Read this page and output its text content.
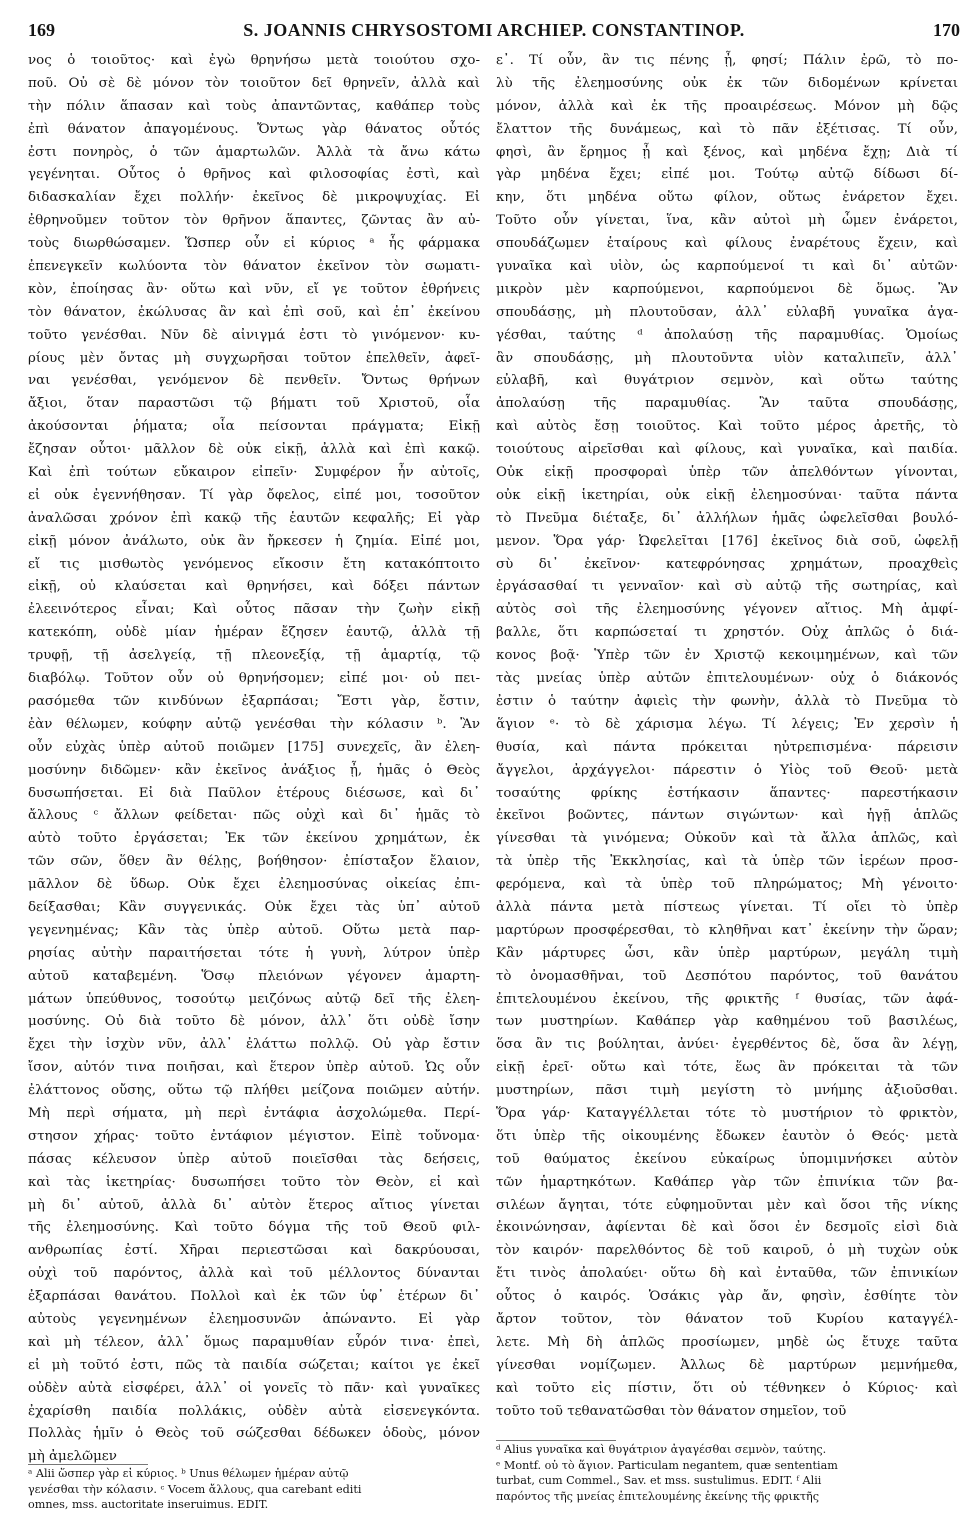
169	S. JOANNIS CHRYSOSTOMI ARCHIEP. CONSTANTINOP.	170
νος ὁ τοιοῦτος· καὶ ἐγὼ θρηνήσω μετὰ τοιούτου σχο-
ποῦ. Οὐ σὲ δὲ μόνον τὸν τοιοῦτον δεῖ θρηνεῖν, ἀλλὰ καὶ
τὴν πόλιν ἅπασαν καὶ τοὺς ἀπαντῶντας, καθάπερ τοὺς
ἐπὶ θάνατον ἀπαγομένους. Ὄντως γὰρ θάνατος οὗτός
ἐστι πονηρὸς, ὁ τῶν ἁμαρτωλῶν. Ἀλλὰ τὰ ἄνω κάτω
γεγένηται. Οὗτος ὁ θρῆνος καὶ φιλοσοφίας ἐστὶ, καὶ
διδασκαλίαν ἔχει πολλήν· ἐκεῖνος δὲ μικροψυχίας. Εἰ
ἐθρηνοῦμεν τοῦτον τὸν θρῆνον ἅπαντες, ζῶντας ἂν αὐ-
τοὺς διωρθώσαμεν. Ὥσπερ οὖν εἰ κύριος ᵃ ἧς φάρμακα
ἐπενεγκεῖν κωλύοντα τὸν θάνατον ἐκεῖνον τὸν σωματι-
κὸν, ἐποίησας ἂν· οὕτω καὶ νῦν, εἴ γε τοῦτον ἐθρήνεις
τὸν θάνατον, ἐκώλυσας ἂν καὶ ἐπὶ σοῦ, καὶ ἐπ᾽ ἐκείνου
τοῦτο γενέσθαι. Νῦν δὲ αἰνιγμά ἐστι τὸ γινόμενον· κυ-
ρίους μὲν ὄντας μὴ συγχωρῆσαι τοῦτον ἐπελθεῖν, ἀφεῖ-
ναι γενέσθαι, γενόμενον δὲ πενθεῖν. Ὄντως θρήνων
ἄξιοι, ὅταν παραστῶσι τῷ βήματι τοῦ Χριστοῦ, οἷα
ἀκούσονται ῥήματα; οἷα πείσονται πράγματα; Εἰκῇ
ἔζησαν οὗτοι· μᾶλλον δὲ οὐκ εἰκῇ, ἀλλὰ καὶ ἐπὶ κακῷ.
Καὶ ἐπὶ τούτων εὔκαιρον εἰπεῖν· Συμφέρον ἦν αὐτοῖς,
εἰ οὐκ ἐγεννήθησαν. Τί γὰρ ὄφελος, εἰπέ μοι, τοσοῦτον
ἀναλῶσαι χρόνον ἐπὶ κακῷ τῆς ἑαυτῶν κεφαλῆς; Εἰ γὰρ
εἰκῇ μόνον ἀνάλωτο, οὐκ ἂν ἤρκεσεν ἡ ζημία. Εἰπέ μοι,
εἴ τις μισθωτὸς γενόμενος εἴκοσιν ἔτη κατακόπτοιτο
εἰκῇ, οὐ κλαύσεται καὶ θρηνήσει, καὶ δόξει πάντων
ἐλεεινότερος εἶναι; Καὶ οὗτος πᾶσαν τὴν ζωὴν εἰκῇ
κατεκόπη, οὐδὲ μίαν ἡμέραν ἔζησεν ἑαυτῷ, ἀλλὰ τῇ
τρυφῇ, τῇ ἀσελγείᾳ, τῇ πλεονεξίᾳ, τῇ ἁμαρτίᾳ, τῷ
διαβόλῳ. Τοῦτον οὖν οὐ θρηνήσομεν; εἰπέ μοι· οὐ πει-
ρασόμεθα τῶν κινδύνων ἐξαρπάσαι; Ἔστι γὰρ, ἔστιν,
ἐὰν θέλωμεν, κούφην αὐτῷ γενέσθαι τὴν κόλασιν ᵇ. Ἂν
οὖν εὐχὰς ὑπὲρ αὐτοῦ ποιῶμεν [175] συνεχεῖς, ἂν ἐλεη-
μοσύνην διδῶμεν· κἂν ἐκεῖνος ἀνάξιος ᾖ, ἡμᾶς ὁ Θεὸς
δυσωπήσεται. Εἰ διὰ Παῦλον ἑτέρους διέσωσε, καὶ δι᾽
ἄλλους ᶜ ἄλλων φείδεται· πῶς οὐχὶ καὶ δι᾽ ἡμᾶς τὸ
αὐτὸ τοῦτο ἐργάσεται; Ἐκ τῶν ἐκείνου χρημάτων, ἐκ
τῶν σῶν, ὅθεν ἂν θέλῃς, βοήθησον· ἐπίσταξον ἔλαιον,
μᾶλλον δὲ ὕδωρ. Οὐκ ἔχει ἐλεημοσύνας οἰκείας ἐπι-
δείξασθαι; Κἂν συγγενικάς. Οὐκ ἔχει τὰς ὑπ᾽ αὐτοῦ
γεγενημένας; Κἂν τὰς ὑπὲρ αὐτοῦ. Οὕτω μετὰ παρ-
ρησίας αὐτὴν παραιτήσεται τότε ἡ γυνὴ, λύτρον ὑπὲρ
αὐτοῦ καταβεμένη. Ὅσῳ πλειόνων γέγονεν ἁμαρτη-
μάτων ὑπεύθυνος, τοσούτῳ μειζόνως αὐτῷ δεῖ τῆς ἐλεη-
μοσύνης. Οὐ διὰ τοῦτο δὲ μόνον, ἀλλ᾽ ὅτι οὐδὲ ἴσην
ἔχει τὴν ἰσχὺν νῦν, ἀλλ᾽ ἐλάττω πολλῷ. Οὐ γὰρ ἔστιν
ἴσον, αὐτόν τινα ποιῆσαι, καὶ ἕτερον ὑπὲρ αὐτοῦ. Ὡς οὖν
ἐλάττονος οὔσης, οὕτω τῷ πλήθει μείζονα ποιῶμεν αὐτήν.
Μὴ περὶ σήματα, μὴ περὶ ἐντάφια ἀσχολώμεθα. Περί-
στησον χήρας· τοῦτο ἐντάφιον μέγιστον. Εἰπὲ τοὔνομα·
πάσας κέλευσον ὑπὲρ αὐτοῦ ποιεῖσθαι τὰς δεήσεις,
καὶ τὰς ἱκετηρίας· δυσωπήσει τοῦτο τὸν Θεὸν, εἰ καὶ
μὴ δι᾽ αὐτοῦ, ἀλλὰ δι᾽ αὐτὸν ἕτερος αἴτιος γίνεται
τῆς ἐλεημοσύνης. Καὶ τοῦτο δόγμα τῆς τοῦ Θεοῦ φιλ-
ανθρωπίας ἐστί. Χῆραι περιεστῶσαι καὶ δακρύουσαι,
οὐχὶ τοῦ παρόντος, ἀλλὰ καὶ τοῦ μέλλοντος δύνανται
ἐξαρπάσαι θανάτου. Πολλοὶ καὶ ἐκ τῶν ὑφ᾽ ἑτέρων δι᾽
αὐτοὺς γεγενημένων ἐλεημοσυνῶν ἀπώναντο. Εἰ γὰρ
καὶ μὴ τέλεον, ἀλλ᾽ ὅμως παραμυθίαν εὗρόν τινα· ἐπεὶ,
εἰ μὴ τοῦτό ἐστι, πῶς τὰ παιδία σώζεται; καίτοι γε ἐκεῖ
οὐδὲν αὐτὰ εἰσφέρει, ἀλλ᾽ οἱ γονεῖς τὸ πᾶν· καὶ γυναῖκες
ἐχαρίσθη παιδία πολλάκις, οὐδὲν αὐτὰ εἰσενεγκόντα.
Πολλὰς ἡμῖν ὁ Θεὸς τοῦ σώζεσθαι δέδωκεν ὁδοὺς, μόνον
μὴ ἀμελῶμεν
ε᾽. Τί οὖν, ἂν τις πένης ᾖ, φησί; Πάλιν ἐρῶ, τὸ πο-
λὺ τῆς ἐλεημοσύνης οὐκ ἐκ τῶν διδομένων κρίνεται
μόνον, ἀλλὰ καὶ ἐκ τῆς προαιρέσεως. Μόνον μὴ δῷς
ἔλαττον τῆς δυνάμεως, καὶ τὸ πᾶν ἐξέτισας. Τί οὖν,
φησὶ, ἂν ἔρημος ᾖ καὶ ξένος, καὶ μηδένα ἔχῃ; Διὰ τί
γὰρ μηδένα ἔχει; εἰπέ μοι. Τούτῳ αὐτῷ δίδωσι δί-
κην, ὅτι μηδένα οὕτω φίλον, οὕτως ἐνάρετον ἔχει.
Τοῦτο οὖν γίνεται, ἵνα, κἂν αὐτοὶ μὴ ὦμεν ἐνάρετοι,
σπουδάζωμεν ἑταίρους καὶ φίλους ἐναρέτους ἔχειν, καὶ
γυναῖκα καὶ υἱὸν, ὡς καρπούμενοί τι καὶ δι᾽ αὐτῶν·
μικρὸν μὲν καρπούμενοι, καρπούμενοι δὲ ὅμως. Ἂν
σπουδάσῃς, μὴ πλουτοῦσαν, ἀλλ᾽ εὐλαβῆ γυναῖκα ἀγα-
γέσθαι, ταύτης ᵈ ἀπολαύσῃ τῆς παραμυθίας. Ὁμοίως
ἂν σπουδάσῃς, μὴ πλουτοῦντα υἱὸν καταλιπεῖν, ἀλλ᾽
εὐλαβῆ, καὶ θυγάτριον σεμνὸν, καὶ οὕτω ταύτης
ἀπολαύσῃ τῆς παραμυθίας. Ἂν ταῦτα σπουδάσῃς,
καὶ αὐτὸς ἔσῃ τοιοῦτος. Καὶ τοῦτο μέρος ἀρετῆς, τὸ
τοιούτους αἱρεῖσθαι καὶ φίλους, καὶ γυναῖκα, καὶ παιδία.
Οὐκ εἰκῇ προσφοραὶ ὑπὲρ τῶν ἀπελθόντων γίνονται,
οὐκ εἰκῇ ἱκετηρίαι, οὐκ εἰκῇ ἐλεημοσύναι· ταῦτα πάντα
τὸ Πνεῦμα διέταξε, δι᾽ ἀλλήλων ἡμᾶς ὠφελεῖσθαι βουλό-
μενον. Ὅρα γάρ· Ὠφελεῖται [176] ἐκεῖνος διὰ σοῦ, ὠφελῇ
σὺ δι᾽ ἐκεῖνον· κατεφρόνησας χρημάτων, προαχθεὶς
ἐργάσασθαί τι γενναῖον· καὶ σὺ αὐτῷ τῆς σωτηρίας, καὶ
αὐτὸς σοὶ τῆς ἐλεημοσύνης γέγονεν αἴτιος. Μὴ ἀμφί-
βαλλε, ὅτι καρπώσεταί τι χρηστόν. Οὐχ ἁπλῶς ὁ διά-
κονος βοᾷ· Ὑπὲρ τῶν ἐν Χριστῷ κεκοιμημένων, καὶ τῶν
τὰς μνείας ὑπὲρ αὐτῶν ἐπιτελουμένων· οὐχ ὁ διάκονός
ἐστιν ὁ ταύτην ἀφιεὶς τὴν φωνὴν, ἀλλὰ τὸ Πνεῦμα τὸ
ἅγιον ᵉ· τὸ δὲ χάρισμα λέγω. Τί λέγεις; Ἐν χερσὶν ἡ
θυσία, καὶ πάντα πρόκειται ηὐτρεπισμένα· πάρεισιν
ἄγγελοι, ἀρχάγγελοι· πάρεστιν ὁ Υἱὸς τοῦ Θεοῦ· μετὰ
τοσαύτης φρίκης ἑστήκασιν ἅπαντες· παρεστήκασιν
ἐκεῖνοι βοῶντες, πάντων σιγώντων· καὶ ἡγῇ ἁπλῶς
γίνεσθαι τὰ γινόμενα; Οὐκοῦν καὶ τὰ ἄλλα ἁπλῶς, καὶ
τὰ ὑπὲρ τῆς Ἐκκλησίας, καὶ τὰ ὑπὲρ τῶν ἱερέων προσ-
φερόμενα, καὶ τὰ ὑπὲρ τοῦ πληρώματος; Μὴ γένοιτο·
ἀλλὰ πάντα μετὰ πίστεως γίνεται. Τί οἴει τὸ ὑπὲρ
μαρτύρων προσφέρεσθαι, τὸ κληθῆναι κατ᾽ ἐκείνην τὴν ὥραν;
Κἂν μάρτυρες ὦσι, κἂν ὑπὲρ μαρτύρων, μεγάλη τιμὴ
τὸ ὀνομασθῆναι, τοῦ Δεσπότου παρόντος, τοῦ θανάτου
ἐπιτελουμένου ἐκείνου, τῆς φρικτῆς ᶠ θυσίας, τῶν ἀφά-
των μυστηρίων. Καθάπερ γὰρ καθημένου τοῦ βασιλέως,
ὅσα ἂν τις βούληται, ἀνύει· ἐγερθέντος δὲ, ὅσα ἂν λέγῃ,
εἰκῇ ἐρεῖ· οὕτω καὶ τότε, ἕως ἂν πρόκειται τὰ τῶν
μυστηρίων, πᾶσι τιμὴ μεγίστη τὸ μνήμης ἀξιοῦσθαι.
Ὅρα γάρ· Καταγγέλλεται τότε τὸ μυστήριον τὸ φρικτὸν,
ὅτι ὑπὲρ τῆς οἰκουμένης ἔδωκεν ἑαυτὸν ὁ Θεός· μετὰ
τοῦ θαύματος ἐκείνου εὐκαίρως ὑπομιμνήσκει αὐτὸν
τῶν ἡμαρτηκότων. Καθάπερ γὰρ τῶν ἐπινίκια τῶν βα-
σιλέων ἄγηται, τότε εὐφημοῦνται μὲν καὶ ὅσοι τῆς νίκης
ἐκοινώνησαν, ἀφίενται δὲ καὶ ὅσοι ἐν δεσμοῖς εἰσὶ διὰ
τὸν καιρόν· παρελθόντος δὲ τοῦ καιροῦ, ὁ μὴ τυχὼν οὐκ
ἔτι τινὸς ἀπολαύει· οὕτω δὴ καὶ ἐνταῦθα, τῶν ἐπινικίων
οὗτος ὁ καιρός. Ὁσάκις γὰρ ἄν, φησὶν, ἐσθίητε τὸν
ἄρτον τοῦτον, τὸν θάνατον τοῦ Κυρίου καταγγέλ-
λετε. Μὴ δὴ ἁπλῶς προσίωμεν, μηδὲ ὡς ἔτυχε ταῦτα
γίνεσθαι νομίζωμεν. Ἀλλως δὲ μαρτύρων μεμνήμεθα,
καὶ τοῦτο εἰς πίστιν, ὅτι οὐ τέθνηκεν ὁ Κύριος· καὶ
τοῦτο τοῦ τεθανατῶσθαι τὸν θάνατον σημεῖον, τοῦ
ᵃ Alii ὥσπερ γὰρ εἰ κύριος. ᵇ Unus θέλωμεν ἡμέραν αὐτῷ
γενέσθαι τὴν κόλασιν. ᶜ Vocem ἄλλους, qua carebant editi
omnes, mss. auctoritate inseruimus. EDIT.
ᵈ Alius γυναῖκα καὶ θυγάτριον ἀγαγέσθαι σεμνὸν, ταύτης.
ᵉ Montf. οὐ τὸ ἅγιον. Particulam negantem, quæ sententiam
turbat, cum Commel., Sav. et mss. sustulimus. EDIT. ᶠ Alii
παρόντος τῆς μνείας ἐπιτελουμένης ἐκείνης τῆς φρικτῆς
